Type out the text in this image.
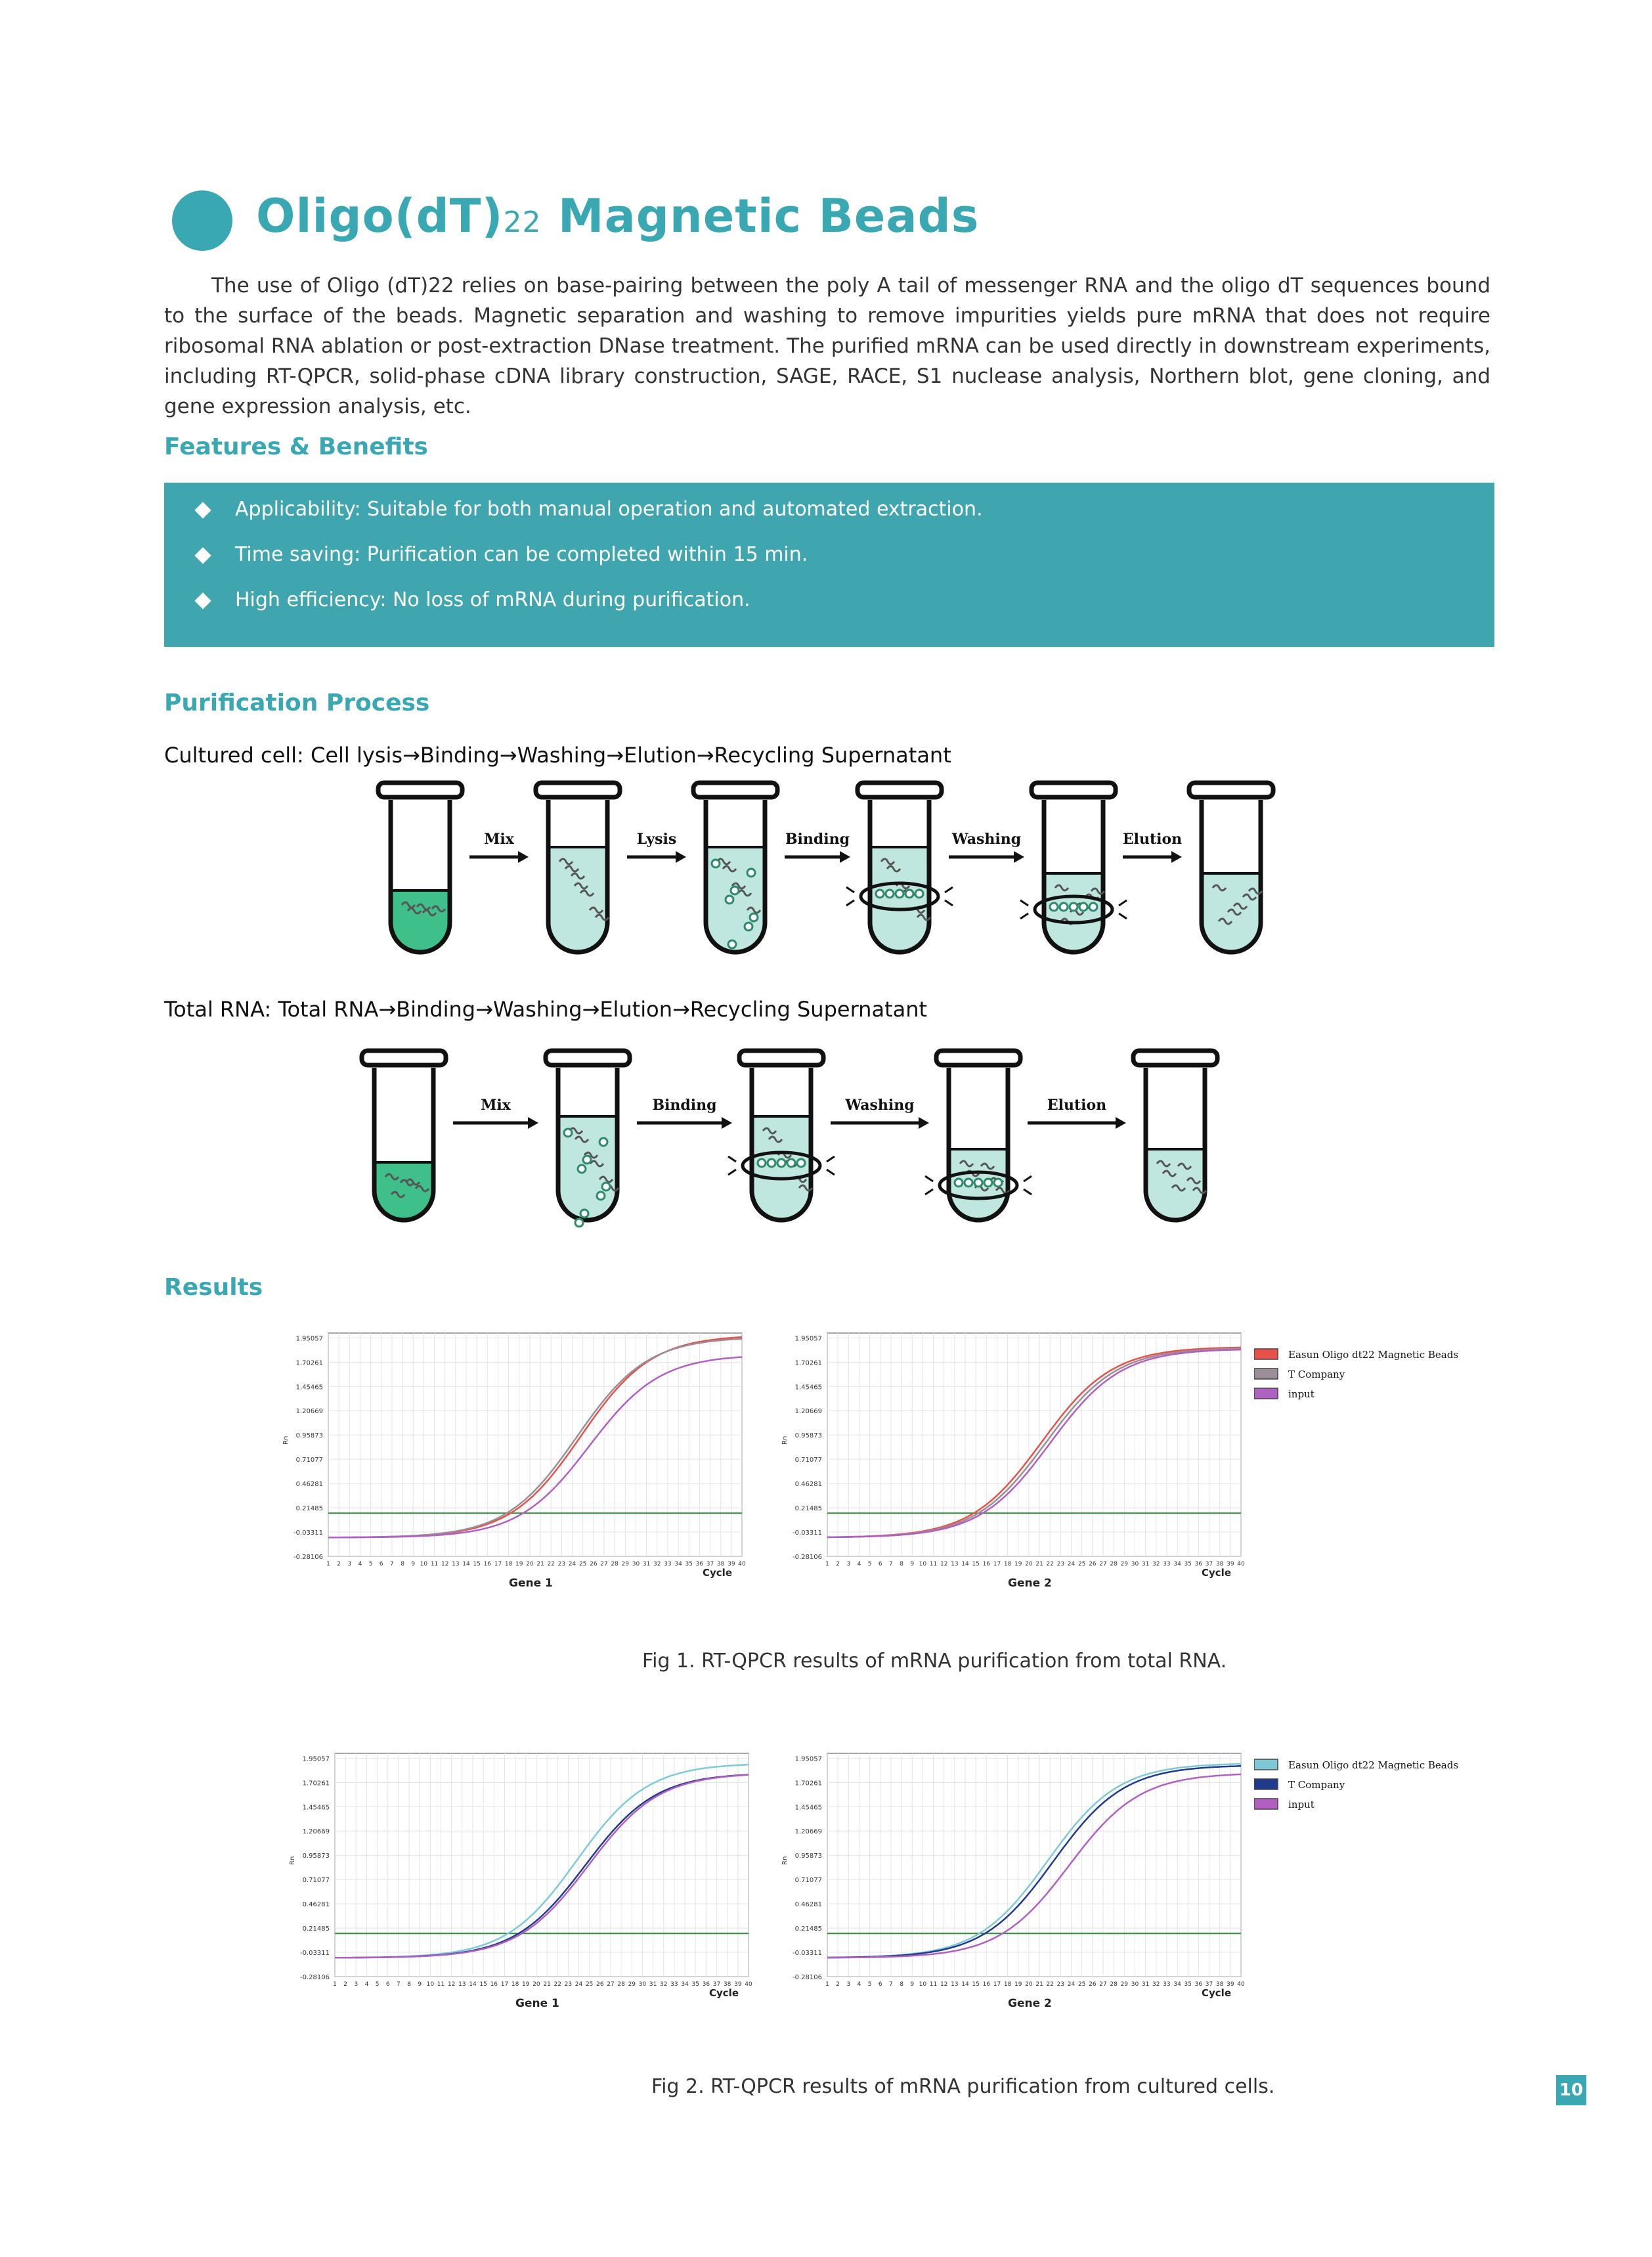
Oligo(dT)22 Magnetic Beads

The use of Oligo (dT)22 relies on base-pairing between the poly A tail of messenger RNA and the oligo dT sequences bound to the surface of the beads. Magnetic separation and washing to remove impurities yields pure mRNA that does not require ribosomal RNA ablation or post-extraction DNase treatment. The purified mRNA can be used directly in downstream experiments, including RT-QPCR, solid-phase cDNA library construction, SAGE, RACE, S1 nuclease analysis, Northern blot, gene cloning, and gene expression analysis, etc.

Features & Benefits
Applicability: Suitable for both manual operation and automated extraction.
Time saving: Purification can be completed within 15 min.
High efficiency: No loss of mRNA during purification.
Purification Process
Cultured cell: Cell lysis→Binding→Washing→Elution→Recycling Supernatant
Mix	Lysis	Binding	Washing	Elution
Total RNA: Total RNA→Binding→Washing→Elution→Recycling Supernatant
Mix	Binding	Washing	Elution
Results
1 2 3 4 5 6 7 8 9 10 11 12 13 14 15 16 17 18 19 20 21 22 23 24 25 26 27 28 29 30 31 32 33 34 35 36 37 38 39 40
1.95057
1.70261
1.45465
1.20669
0.95873
0.71077
0.46281
0.21485
-0.03311
-0.28106
Rn
Cycle
Gene 1
1 2 3 4 5 6 7 8 9 10 11 12 13 14 15 16 17 18 19 20 21 22 23 24 25 26 27 28 29 30 31 32 33 34 35 36 37 38 39 40
1.95057
1.70261
1.45465
1.20669
0.95873
0.71077
0.46281
0.21485
-0.03311
-0.28106
Rn
Cycle
Gene 2
Easun Oligo dt22 Magnetic Beads
T Company
input
Fig 1. RT-QPCR results of mRNA purification from total RNA.
1 2 3 4 5 6 7 8 9 10 11 12 13 14 15 16 17 18 19 20 21 22 23 24 25 26 27 28 29 30 31 32 33 34 35 36 37 38 39 40
1.95057
1.70261
1.45465
1.20669
0.95873
0.71077
0.46281
0.21485
-0.03311
-0.28106
Rn
Cycle
Gene 1
1 2 3 4 5 6 7 8 9 10 11 12 13 14 15 16 17 18 19 20 21 22 23 24 25 26 27 28 29 30 31 32 33 34 35 36 37 38 39 40
1.95057
1.70261
1.45465
1.20669
0.95873
0.71077
0.46281
0.21485
-0.03311
-0.28106
Rn
Cycle
Gene 2
Easun Oligo dt22 Magnetic Beads
T Company
input
Fig 2. RT-QPCR results of mRNA purification from cultured cells.	10
